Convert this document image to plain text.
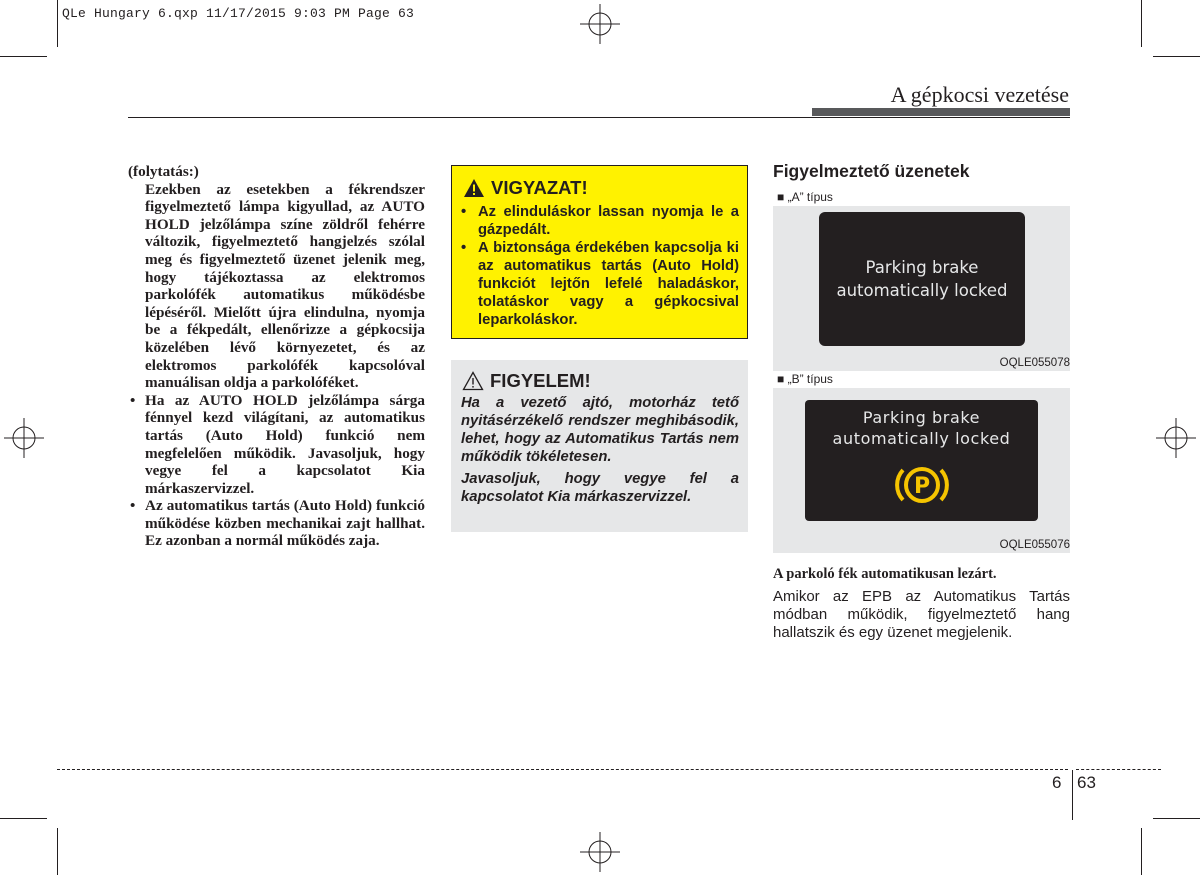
QLe Hungary 6.qxp 11/17/2015 9:03 PM Page 63
A gépkocsi vezetése

(folytatás:)

Ezekben az esetekben a fékrendszer figyelmeztető lámpa kigyullad, az AUTO HOLD jelzőlámpa színe zöldről fehérre változik, figyelmeztető hangjelzés szólal meg és figyelmeztető üzenet jelenik meg, hogy tájékoztassa az elektromos parkolófék automatikus működésbe lépéséről. Mielőtt újra elindulna, nyomja be a fékpedált, ellenőrizze a gépkocsija közelében lévő környezetet, és az elektromos parkolófék kapcsolóval manuálisan oldja a parkolóféket.

• Ha az AUTO HOLD jelzőlámpa sárga fénnyel kezd világítani, az automatikus tartás (Auto Hold) funkció nem megfelelően működik. Javasoljuk, hogy vegye fel a kapcsolatot Kia márkaszervizzel.
• Az automatikus tartás (Auto Hold) funkció működése közben mechanikai zajt hallhat. Ez azonban a normál működés zaja.
VIGYAZAT!
• Az elinduláskor lassan nyomja le a gázpedált.
• A biztonsága érdekében kapcsolja ki az automatikus tartás (Auto Hold) funkciót lejtőn lefelé haladáskor, tolatáskor vagy a gépkocsival leparkoláskor.
FIGYELEM!

Ha a vezető ajtó, motorház tető nyitásérzékelő rendszer meghibásodik, lehet, hogy az Automatikus Tartás nem működik tökéletesen.

Javasoljuk, hogy vegye fel a kapcsolatot Kia márkaszervizzel.

Figyelmeztető üzenetek
■ „A” típus
Parking brake
automatically locked
OQLE055078
■ „B” típus
Parking brake
automatically locked
P
OQLE055076
A parkoló fék automatikusan lezárt.
Amikor az EPB az Automatikus Tartás módban működik, figyelmeztető hang hallatszik és egy üzenet megjelenik.
6 63
